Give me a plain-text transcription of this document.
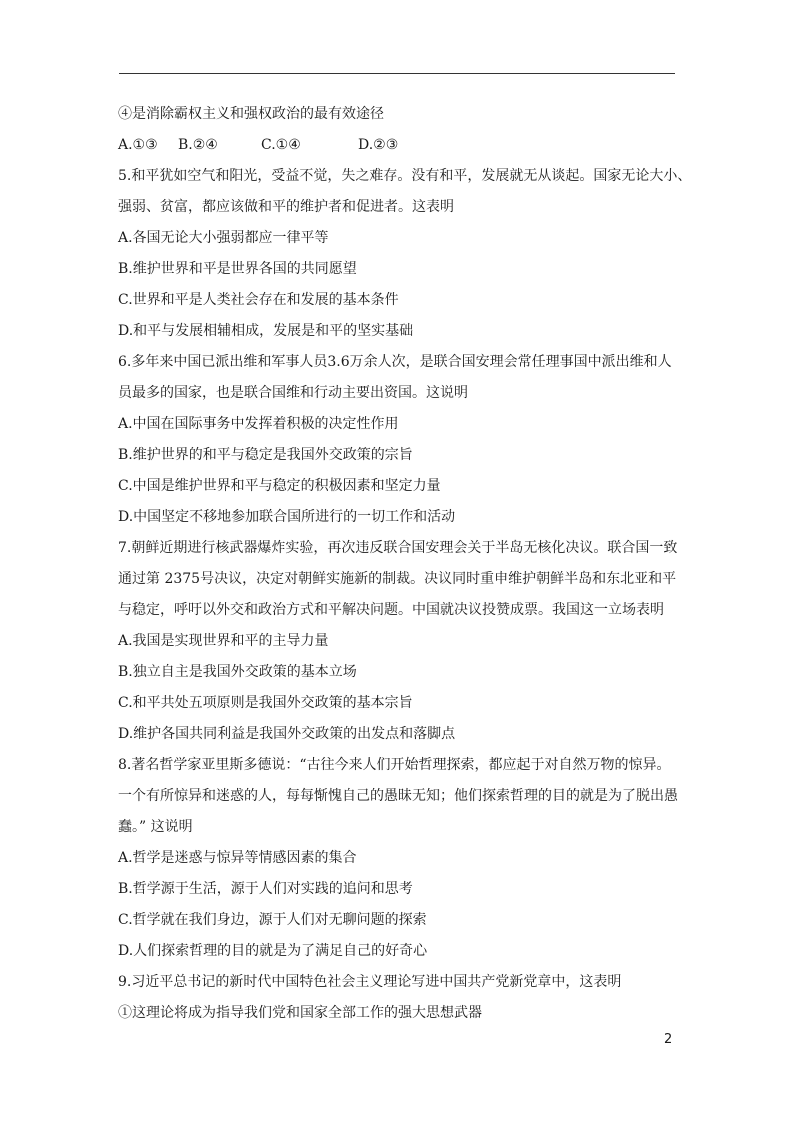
④是消除霸权主义和强权政治的最有效途径
A.①③	B.②④	C.①④	D.②③
5.和平犹如空气和阳光，受益不觉，失之难存。没有和平，发展就无从谈起。国家无论大小、
强弱、贫富，都应该做和平的维护者和促进者。这表明
A.各国无论大小强弱都应一律平等
B.维护世界和平是世界各国的共同愿望
C.世界和平是人类社会存在和发展的基本条件
D.和平与发展相辅相成，发展是和平的坚实基础
6.多年来中国已派出维和军事人员3.6万余人次，是联合国安理会常任理事国中派出维和人
员最多的国家，也是联合国维和行动主要出资国。这说明
A.中国在国际事务中发挥着积极的决定性作用
B.维护世界的和平与稳定是我国外交政策的宗旨
C.中国是维护世界和平与稳定的积极因素和坚定力量
D.中国坚定不移地参加联合国所进行的一切工作和活动
7.朝鲜近期进行核武器爆炸实验，再次违反联合国安理会关于半岛无核化决议。联合国一致
通过第 2375号决议，决定对朝鲜实施新的制裁。决议同时重申维护朝鲜半岛和东北亚和平
与稳定，呼吁以外交和政治方式和平解决问题。中国就决议投赞成票。我国这一立场表明
A.我国是实现世界和平的主导力量
B.独立自主是我国外交政策的基本立场
C.和平共处五项原则是我国外交政策的基本宗旨
D.维护各国共同利益是我国外交政策的出发点和落脚点
8.著名哲学家亚里斯多德说：“古往今来人们开始哲理探索，都应起于对自然万物的惊异。
一个有所惊异和迷惑的人，每每惭愧自己的愚昧无知；他们探索哲理的目的就是为了脱出愚
蠢。” 这说明
A.哲学是迷惑与惊异等情感因素的集合
B.哲学源于生活，源于人们对实践的追问和思考
C.哲学就在我们身边，源于人们对无聊问题的探索
D.人们探索哲理的目的就是为了满足自己的好奇心
9.习近平总书记的新时代中国特色社会主义理论写进中国共产党新党章中，这表明
①这理论将成为指导我们党和国家全部工作的强大思想武器
2
